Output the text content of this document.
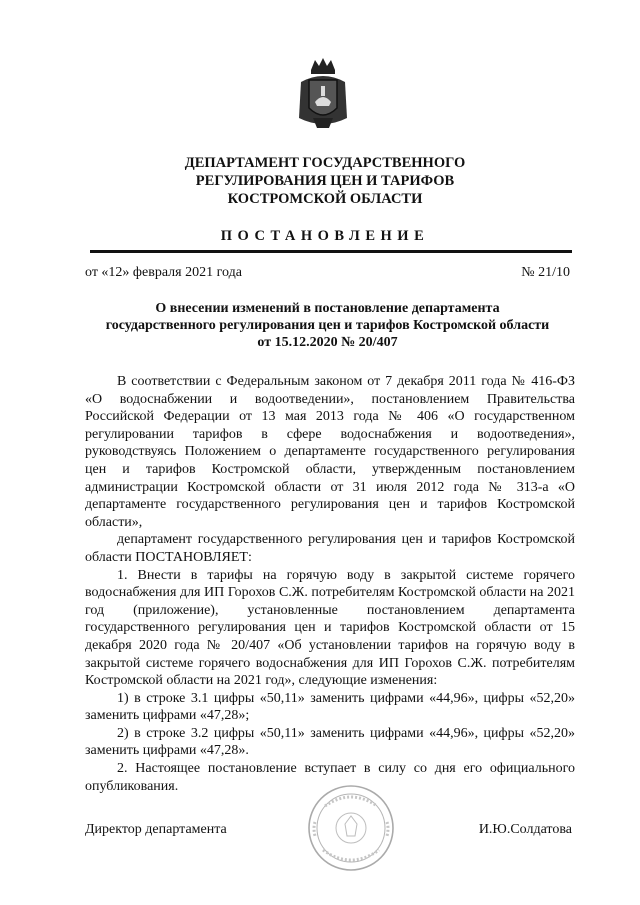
ДЕПАРТАМЕНТ ГОСУДАРСТВЕННОГО
РЕГУЛИРОВАНИЯ ЦЕН И ТАРИФОВ
КОСТРОМСКОЙ ОБЛАСТИ
ПОСТАНОВЛЕНИЕ
от «12» февраля 2021 года	№ 21/10
О внесении изменений в постановление департамента
государственного регулирования цен и тарифов Костромской области
от 15.12.2020 № 20/407

В соответствии с Федеральным законом от 7 декабря 2011 года № 416-ФЗ «О водоснабжении и водоотведении», постановлением Правительства Российской Федерации от 13 мая 2013 года № 406 «О государственном регулировании тарифов в сфере водоснабжения и водоотведения», руководствуясь Положением о департаменте государственного регулирования цен и тарифов Костромской области, утвержденным постановлением администрации Костромской области от 31 июля 2012 года № 313-а «О департаменте государственного регулирования цен и тарифов Костромской области»,

департамент государственного регулирования цен и тарифов Костромской области ПОСТАНОВЛЯЕТ:

1. Внести в тарифы на горячую воду в закрытой системе горячего водоснабжения для ИП Горохов С.Ж. потребителям Костромской области на 2021 год (приложение), установленные постановлением департамента государственного регулирования цен и тарифов Костромской области от 15 декабря 2020 года № 20/407 «Об установлении тарифов на горячую воду в закрытой системе горячего водоснабжения для ИП Горохов С.Ж. потребителям Костромской области на 2021 год», следующие изменения:

1) в строке 3.1 цифры «50,11» заменить цифрами «44,96», цифры «52,20» заменить цифрами «47,28»;

2) в строке 3.2 цифры «50,11» заменить цифрами «44,96», цифры «52,20» заменить цифрами «47,28».

2. Настоящее постановление вступает в силу со дня его официального опубликования.

Директор департамента	И.Ю.Солдатова
